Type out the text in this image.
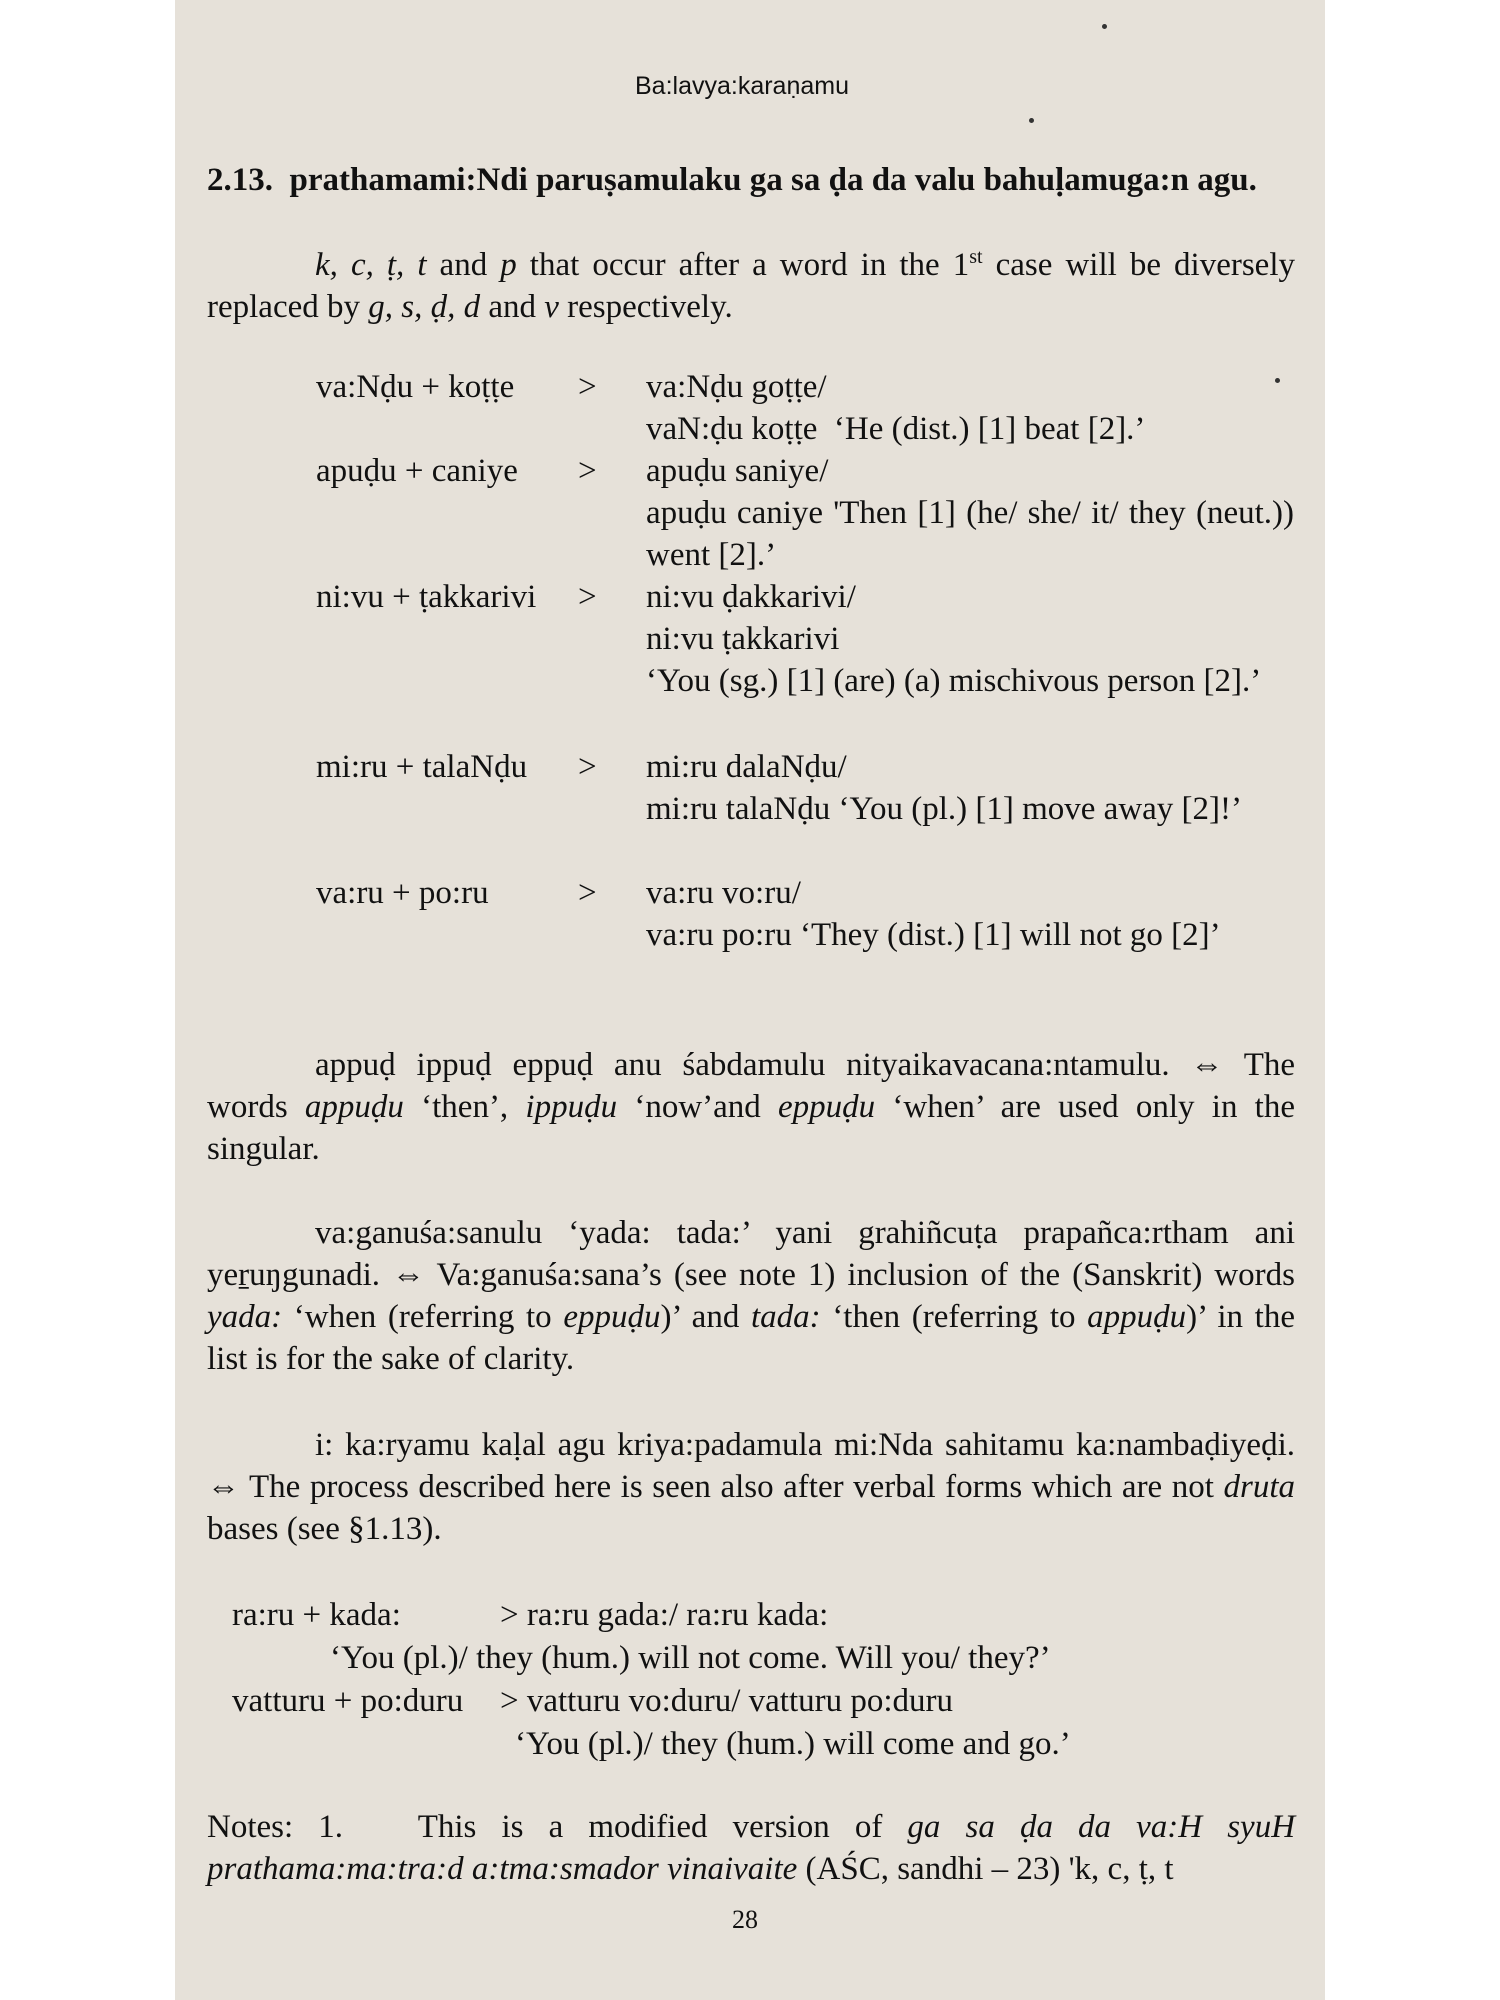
Ba:lavya:karaṇamu
2.13. prathamami:Ndi paruṣamulaku ga sa ḍa da valu bahuḷamuga:n agu.
k, c, ṭ, t and p that occur after a word in the 1st case will be diversely replaced by g, s, ḍ, d and v respectively.
va:Nḍu + koṭṭe > va:Nḍu goṭṭe/
vaN:ḍu koṭṭe ‘He (dist.) [1] beat [2].’
apuḍu + caniye > apuḍu saniye/
apuḍu caniye 'Then [1] (he/ she/ it/ they (neut.)) went [2].’
ni:vu + ṭakkarivi > ni:vu ḍakkarivi/
ni:vu ṭakkarivi
‘You (sg.) [1] (are) (a) mischivous person [2].’
mi:ru + talaNḍu > mi:ru dalaNḍu/
mi:ru talaNḍu ‘You (pl.) [1] move away [2]!’
va:ru + po:ru	> va:ru vo:ru/
va:ru po:ru ‘They (dist.) [1] will not go [2]’
appuḍ ippuḍ eppuḍ anu śabdamulu nityaikavacana:ntamulu. ⇔ The words appuḍu ‘then’, ippuḍu ‘now’and eppuḍu ‘when’ are used only in the singular.
va:ganuśa:sanulu ‘yada: tada:’ yani grahiñcuṭa prapañca:rtham ani yeṟuŋgunadi. ⇔ Va:ganuśa:sana’s (see note 1) inclusion of the (Sanskrit) words yada: ‘when (referring to eppuḍu)’ and tada: ‘then (referring to appuḍu)’ in the list is for the sake of clarity.
i: ka:ryamu kaḷal agu kriya:padamula mi:Nda sahitamu ka:nambaḍiyeḍi. ⇔ The process described here is seen also after verbal forms which are not druta bases (see §1.13).
ra:ru + kada:	> ra:ru gada:/ ra:ru kada:
‘You (pl.)/ they (hum.) will not come. Will you/ they?’
vatturu + po:duru > vatturu vo:duru/ vatturu po:duru
‘You (pl.)/ they (hum.) will come and go.’
Notes: 1. This is a modified version of ga sa ḍa da va:H syuH prathama:ma:tra:d a:tma:smador vinaivaite (AŚC, sandhi – 23) 'k, c, ṭ, t
28
